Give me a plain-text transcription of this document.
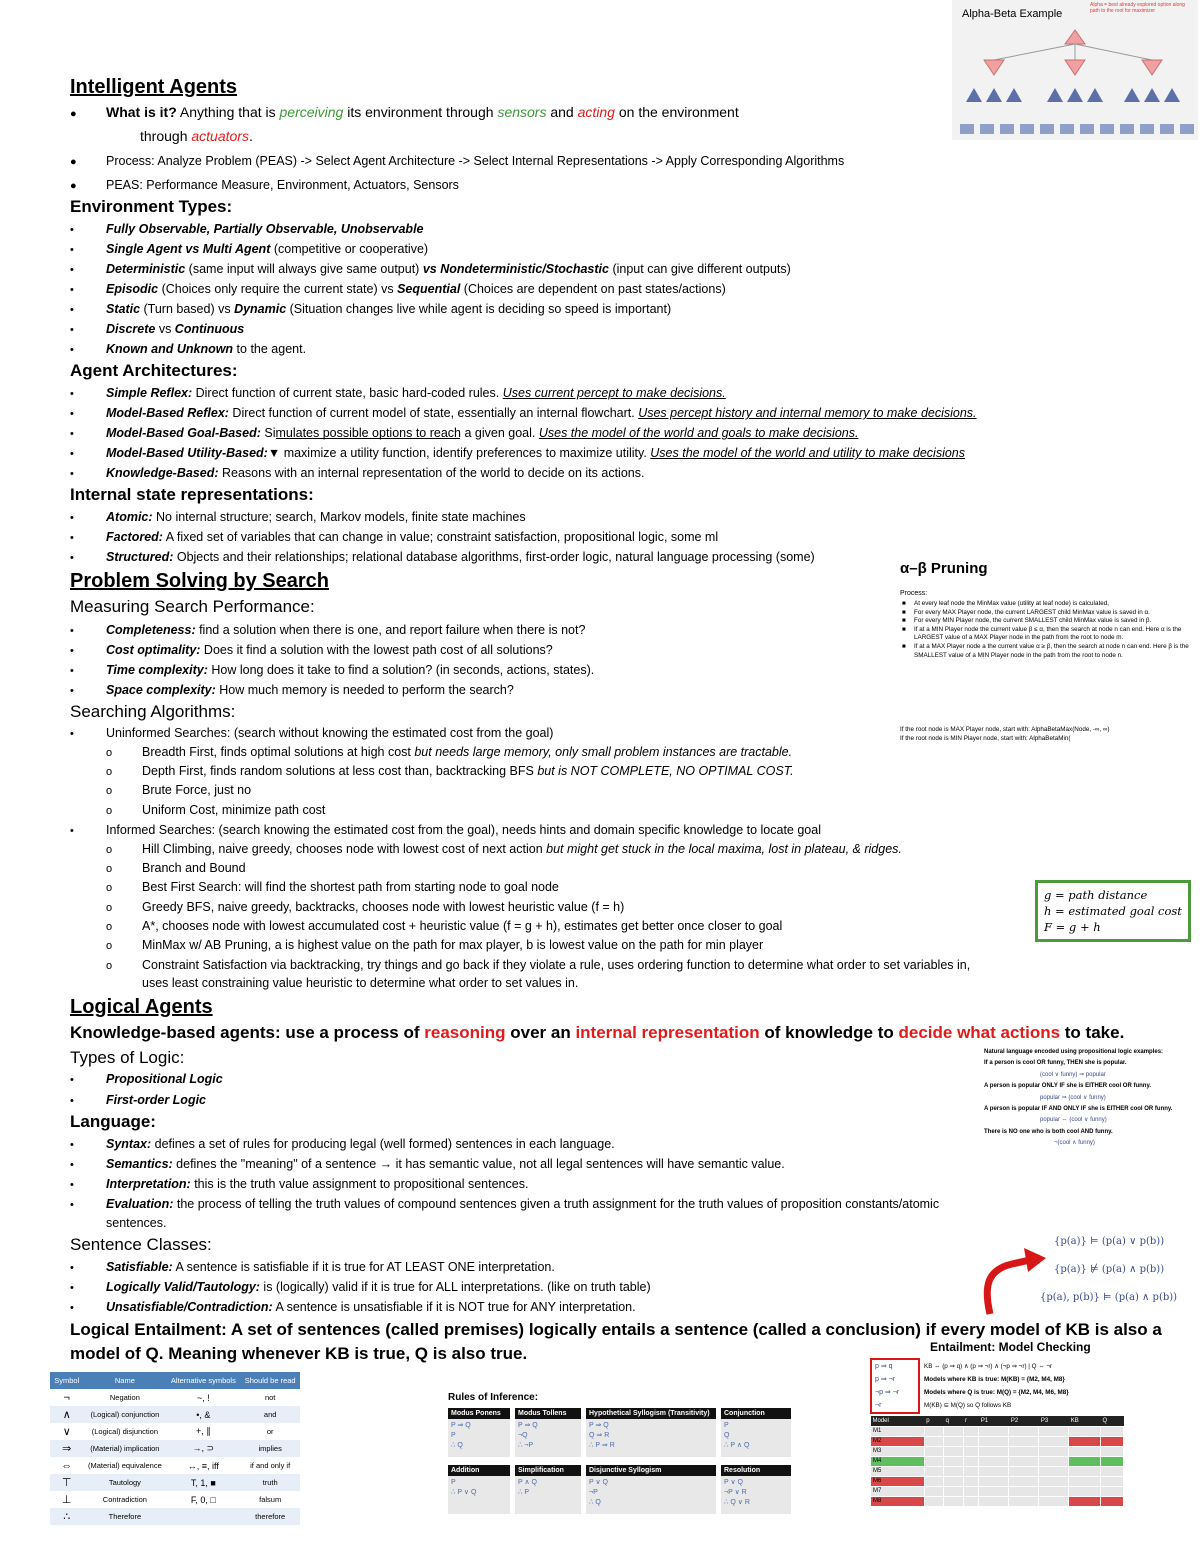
Alpha-Beta Example
Alpha = best already explored option along path to the root for maximizer
Intelligent Agents
● What is it? Anything that is perceiving its environment through sensors and acting on the environment
through actuators.
● Process: Analyze Problem (PEAS) -> Select Agent Architecture -> Select Internal Representations -> Apply Corresponding Algorithms
● PEAS: Performance Measure, Environment, Actuators, Sensors
Environment Types:
•	Fully Observable, Partially Observable, Unobservable
•	Single Agent vs Multi Agent (competitive or cooperative)
•	Deterministic (same input will always give same output) vs Nondeterministic/Stochastic (input can give different outputs)
•	Episodic (Choices only require the current state) vs Sequential (Choices are dependent on past states/actions)
•	Static (Turn based) vs Dynamic (Situation changes live while agent is deciding so speed is important)
•	Discrete vs Continuous
•	Known and Unknown to the agent.
Agent Architectures:
•	Simple Reflex: Direct function of current state, basic hard-coded rules. Uses current percept to make decisions.
•	Model-Based Reflex: Direct function of current model of state, essentially an internal flowchart. Uses percept history and internal memory to make decisions.
•	Model-Based Goal-Based: Simulates possible options to reach a given goal. Uses the model of the world and goals to make decisions.
•	Model-Based Utility-Based:▼ maximize a utility function, identify preferences to maximize utility. Uses the model of the world and utility to make decisions
•	Knowledge-Based: Reasons with an internal representation of the world to decide on its actions.
Internal state representations:
•	Atomic: No internal structure; search, Markov models, finite state machines
•	Factored: A fixed set of variables that can change in value; constraint satisfaction, propositional logic, some ml
•	Structured: Objects and their relationships; relational database algorithms, first-order logic, natural language processing (some)
α–β Pruning
Process:
■ At every leaf node the MinMax value (utility at leaf node) is calculated,
■ For every MAX Player node, the current LARGEST child MinMax value is saved in α.
■ For every MIN Player node, the current SMALLEST child MinMax value is saved in β.
■ If at a MIN Player node the current value β ≤ α, then the search at node n can end. Here α is the LARGEST value of a MAX Player node in the path from the root to node m.
■ If at a MAX Player node a the current value α ≥ β, then the search at node n can end. Here β is the SMALLEST value of a MIN Player node in the path from the root to node n.
If the root node is MAX Player node, start with: AlphaBetaMax(Node, -∞, ∞)
If the root node is MIN Player node, start with: AlphaBetaMin(
Problem Solving by Search
Measuring Search Performance:
•	Completeness: find a solution when there is one, and report failure when there is not?
•	Cost optimality: Does it find a solution with the lowest path cost of all solutions?
•	Time complexity: How long does it take to find a solution? (in seconds, actions, states).
•	Space complexity: How much memory is needed to perform the search?
Searching Algorithms:
•	Uninformed Searches: (search without knowing the estimated cost from the goal)
o Breadth First, finds optimal solutions at high cost but needs large memory, only small problem instances are tractable.
o Depth First, finds random solutions at less cost than, backtracking BFS but is NOT COMPLETE, NO OPTIMAL COST.
o Brute Force, just no
o Uniform Cost, minimize path cost
•	Informed Searches: (search knowing the estimated cost from the goal), needs hints and domain specific knowledge to locate goal
o Hill Climbing, naive greedy, chooses node with lowest cost of next action but might get stuck in the local maxima, lost in plateau, & ridges.
o Branch and Bound
o Best First Search: will find the shortest path from starting node to goal node
o Greedy BFS, naive greedy, backtracks, chooses node with lowest heuristic value (f = h)
o A*, chooses node with lowest accumulated cost + heuristic value (f = g + h), estimates get better once closer to goal
o MinMax w/ AB Pruning, a is highest value on the path for max player, b is lowest value on the path for min player
o Constraint Satisfaction via backtracking, try things and go back if they violate a rule, uses ordering function to determine what order to set variables in,
uses least constraining value heuristic to determine what order to set values in.
g = path distance
h = estimated goal cost
F = g + h
Logical Agents
Knowledge-based agents: use a process of reasoning over an internal representation of knowledge to decide what actions to take.
Natural language encoded using propositional logic examples:
If a person is cool OR funny, THEN she is popular.
(cool ∨ funny) ⇒ popular
A person is popular ONLY IF she is EITHER cool OR funny.
popular ⇒ (cool ∨ funny)
A person is popular IF AND ONLY IF she is EITHER cool OR funny.
popular ⇔ (cool ∨ funny)
There is NO one who is both cool AND funny.
¬(cool ∧ funny)
Types of Logic:
•	Propositional Logic
•	First-order Logic
Language:
•	Syntax: defines a set of rules for producing legal (well formed) sentences in each language.
•	Semantics: defines the "meaning" of a sentence → it has semantic value, not all legal sentences will have semantic value.
•	Interpretation: this is the truth value assignment to propositional sentences.
•	Evaluation: the process of telling the truth values of compound sentences given a truth assignment for the truth values of proposition constants/atomic
sentences.
Sentence Classes:
•	Satisfiable: A sentence is satisfiable if it is true for AT LEAST ONE interpretation.
•	Logically Valid/Tautology: is (logically) valid if it is true for ALL interpretations. (like on truth table)
•	Unsatisfiable/Contradiction: A sentence is unsatisfiable if it is NOT true for ANY interpretation.
{p(a)} ⊨ (p(a) ∨ p(b))
{p(a)} ⊭ (p(a) ∧ p(b))
{p(a), p(b)} ⊨ (p(a) ∧ p(b))
Logical Entailment: A set of sentences (called premises) logically entails a sentence (called a conclusion) if every model of KB is also a
model of Q. Meaning whenever KB is true, Q is also true.
Symbol	Name	Alternative symbols	Should be read
¬	Negation	~, !	not
∧	(Logical) conjunction	•, &	and
∨	(Logical) disjunction	+, ∥	or
⇒	(Material) implication	→, ⊃	implies
⇔	(Material) equivalence	↔, ≡, iff	if and only if
⊤	Tautology	T, 1, ■	truth
⊥	Contradiction	F, 0, □	falsum
∴	Therefore		therefore
Rules of Inference:
Modus Ponens
P ⇒ Q
P
∴ Q
Modus Tollens
P ⇒ Q
¬Q
∴ ¬P
Hypothetical Syllogism (Transitivity)
P ⇒ Q
Q ⇒ R
∴ P ⇒ R
Conjunction
P
Q
∴ P ∧ Q
Addition
P
∴ P ∨ Q
Simplification
P ∧ Q
∴ P
Disjunctive Syllogism
P ∨ Q
¬P
∴ Q
Resolution
P ∨ Q
¬P ∨ R
∴ Q ∨ R
Entailment: Model Checking
p ⇒ q
p ⇒ ¬r
¬p ⇒ ¬r
¬r
KB ⇔ (p ⇒ q) ∧ (p ⇒ ¬r) ∧ (¬p ⇒ ¬r) | Q ⇔ ¬r
Models where KB is true: M(KB) = {M2, M4, M8}
Models where Q is true: M(Q) = {M2, M4, M6, M8}
M(KB) ⊆ M(Q) so Q follows KB
Model	p	q	r	P1	P2	P3	KB	Q
M1								
M2								
M3								
M4								
M5								
M6								
M7								
M8								
